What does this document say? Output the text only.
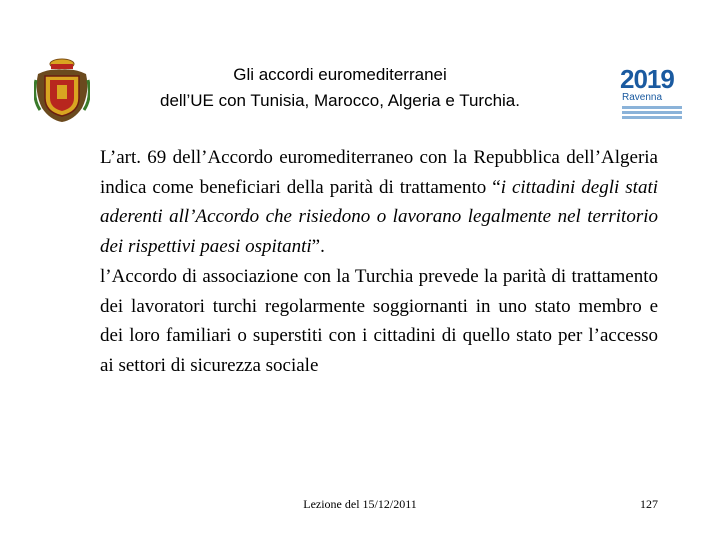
Gli accordi euromediterranei
dell’UE con Tunisia, Marocco, Algeria e Turchia.
2019
Ravenna

L’art. 69 dell’Accordo euromediterraneo con la Repubblica dell’Algeria indica come beneficiari della parità di trattamento “i cittadini degli stati aderenti all’Accordo che risiedono o lavorano legalmente nel territorio dei rispettivi paesi ospitanti”.

l’Accordo di associazione con la Turchia prevede la parità di trattamento dei lavoratori turchi regolarmente soggiornanti in uno stato membro e dei loro familiari o superstiti con i cittadini di quello stato per l’accesso ai settori di sicurezza sociale

Lezione del 15/12/2011	127
